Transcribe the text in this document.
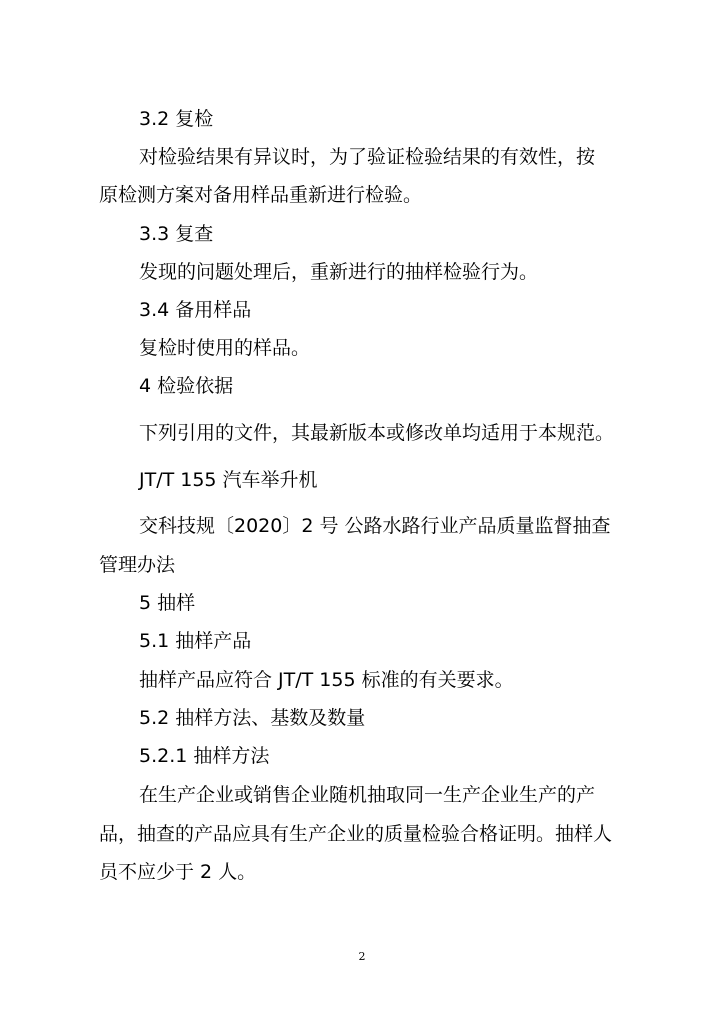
3.2 复检
对检验结果有异议时，为了验证检验结果的有效性，按
原检测方案对备用样品重新进行检验。
3.3 复查
发现的问题处理后，重新进行的抽样检验行为。
3.4 备用样品
复检时使用的样品。
4 检验依据
下列引用的文件，其最新版本或修改单均适用于本规范。
JT/T 155 汽车举升机
交科技规〔2020〕2 号 公路水路行业产品质量监督抽查
管理办法
5 抽样
5.1 抽样产品
抽样产品应符合 JT/T 155 标准的有关要求。
5.2 抽样方法、基数及数量
5.2.1 抽样方法
在生产企业或销售企业随机抽取同一生产企业生产的产
品，抽查的产品应具有生产企业的质量检验合格证明。抽样人
员不应少于 2 人。
2
